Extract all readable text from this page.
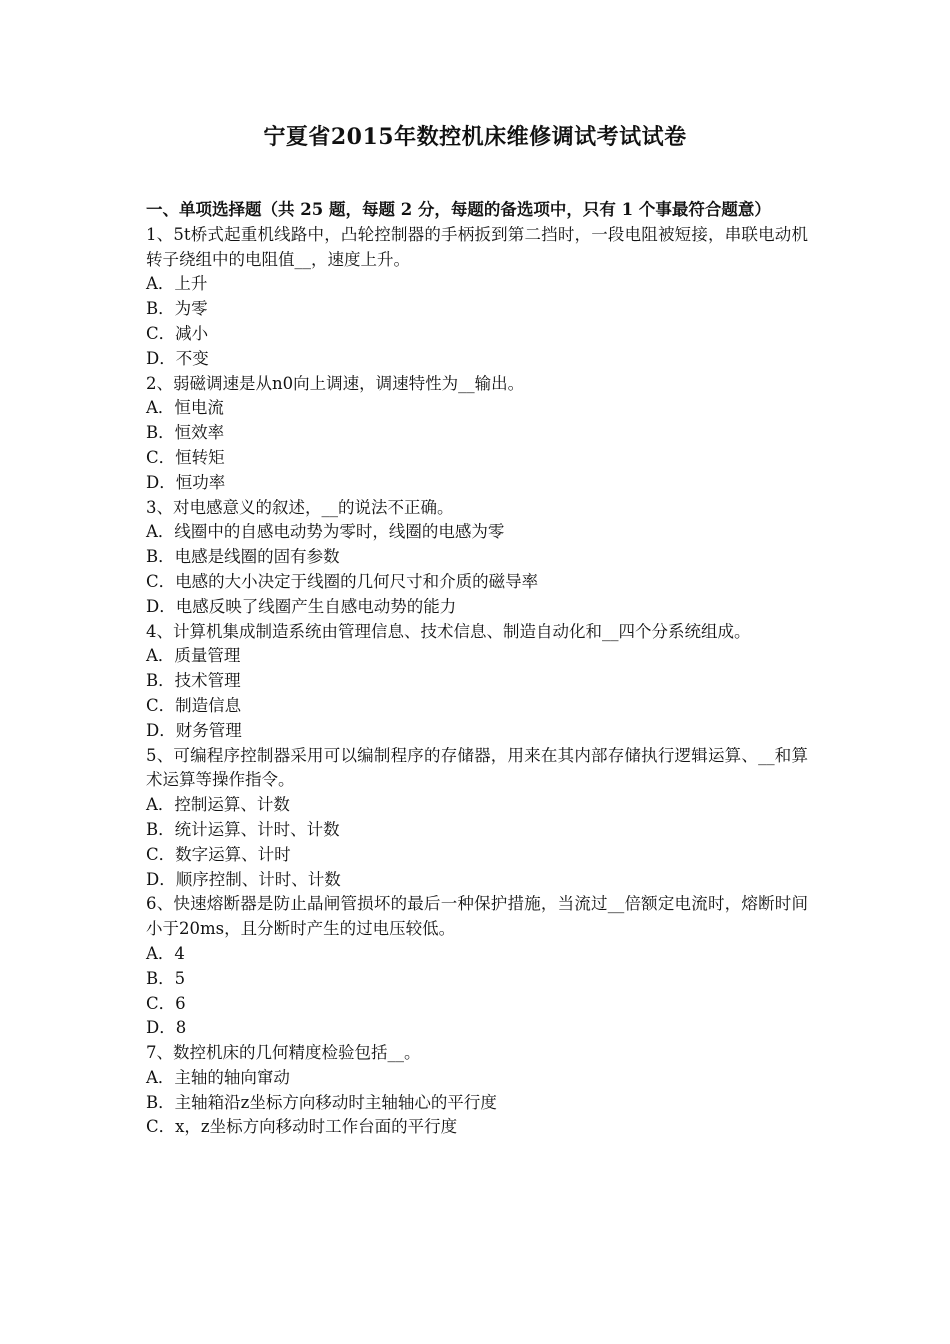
宁夏省2015年数控机床维修调试考试试卷
一、单项选择题（共 25 题，每题 2 分，每题的备选项中，只有 1 个事最符合题意）
1、5t桥式起重机线路中，凸轮控制器的手柄扳到第二挡时，一段电阻被短接，串联电动机转子绕组中的电阻值__，速度上升。
A．上升
B．为零
C．减小
D．不变
2、弱磁调速是从n0向上调速，调速特性为__输出。
A．恒电流
B．恒效率
C．恒转矩
D．恒功率
3、对电感意义的叙述，__的说法不正确。
A．线圈中的自感电动势为零时，线圈的电感为零
B．电感是线圈的固有参数
C．电感的大小决定于线圈的几何尺寸和介质的磁导率
D．电感反映了线圈产生自感电动势的能力
4、计算机集成制造系统由管理信息、技术信息、制造自动化和__四个分系统组成。
A．质量管理
B．技术管理
C．制造信息
D．财务管理
5、可编程序控制器采用可以编制程序的存储器，用来在其内部存储执行逻辑运算、__和算术运算等操作指令。
A．控制运算、计数
B．统计运算、计时、计数
C．数字运算、计时
D．顺序控制、计时、计数
6、快速熔断器是防止晶闸管损坏的最后一种保护措施，当流过__倍额定电流时，熔断时间小于20ms，且分断时产生的过电压较低。
A．4
B．5
C．6
D．8
7、数控机床的几何精度检验包括__。
A．主轴的轴向窜动
B．主轴箱沿z坐标方向移动时主轴轴心的平行度
C．x，z坐标方向移动时工作台面的平行度
